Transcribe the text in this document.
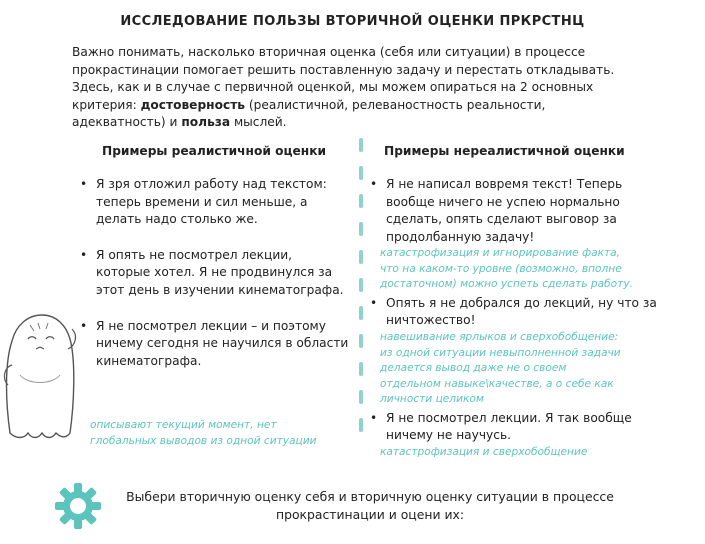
ИССЛЕДОВАНИЕ ПОЛЬЗЫ ВТОРИЧНОЙ ОЦЕНКИ ПРКРСТНЦ
Важно понимать, насколько вторичная оценка (себя или ситуации) в процессе прокрастинации помогает решить поставленную задачу и перестать откладывать. Здесь, как и в случае с первичной оценкой, мы можем опираться на 2 основных критерия: достоверность (реалистичной, релеваностность реальности, адекватность) и польза мыслей.
Примеры реалистичной оценки	Примеры нереалистичной оценки
• Я зря отложил работу над текстом: теперь времени и сил меньше, а делать надо столько же.
• Я опять не посмотрел лекции, которые хотел. Я не продвинулся за этот день в изучении кинематографа.
• Я не посмотрел лекции – и поэтому ничему сегодня не научился в области кинематографа.
описывают текущий момент, нет глобальных выводов из одной ситуации
• Я не написал вовремя текст! Теперь вообще ничего не успею нормально сделать, опять сделают выговор за продолбанную задачу!
катастрофизация и игнорирование факта, что на каком-то уровне (возможно, вполне достаточном) можно успеть сделать работу.
• Опять я не добрался до лекций, ну что за ничтожество!
навешивание ярлыков и сверхобобщение: из одной ситуации невыполненной задачи делается вывод даже не о своем отдельном навыке\качестве, а о себе как личности целиком
• Я не посмотрел лекции. Я так вообще ничему не научусь.
катастрофизация и сверхобобщение
Выбери вторичную оценку себя и вторичную оценку ситуации в процессе прокрастинации и оцени их:
